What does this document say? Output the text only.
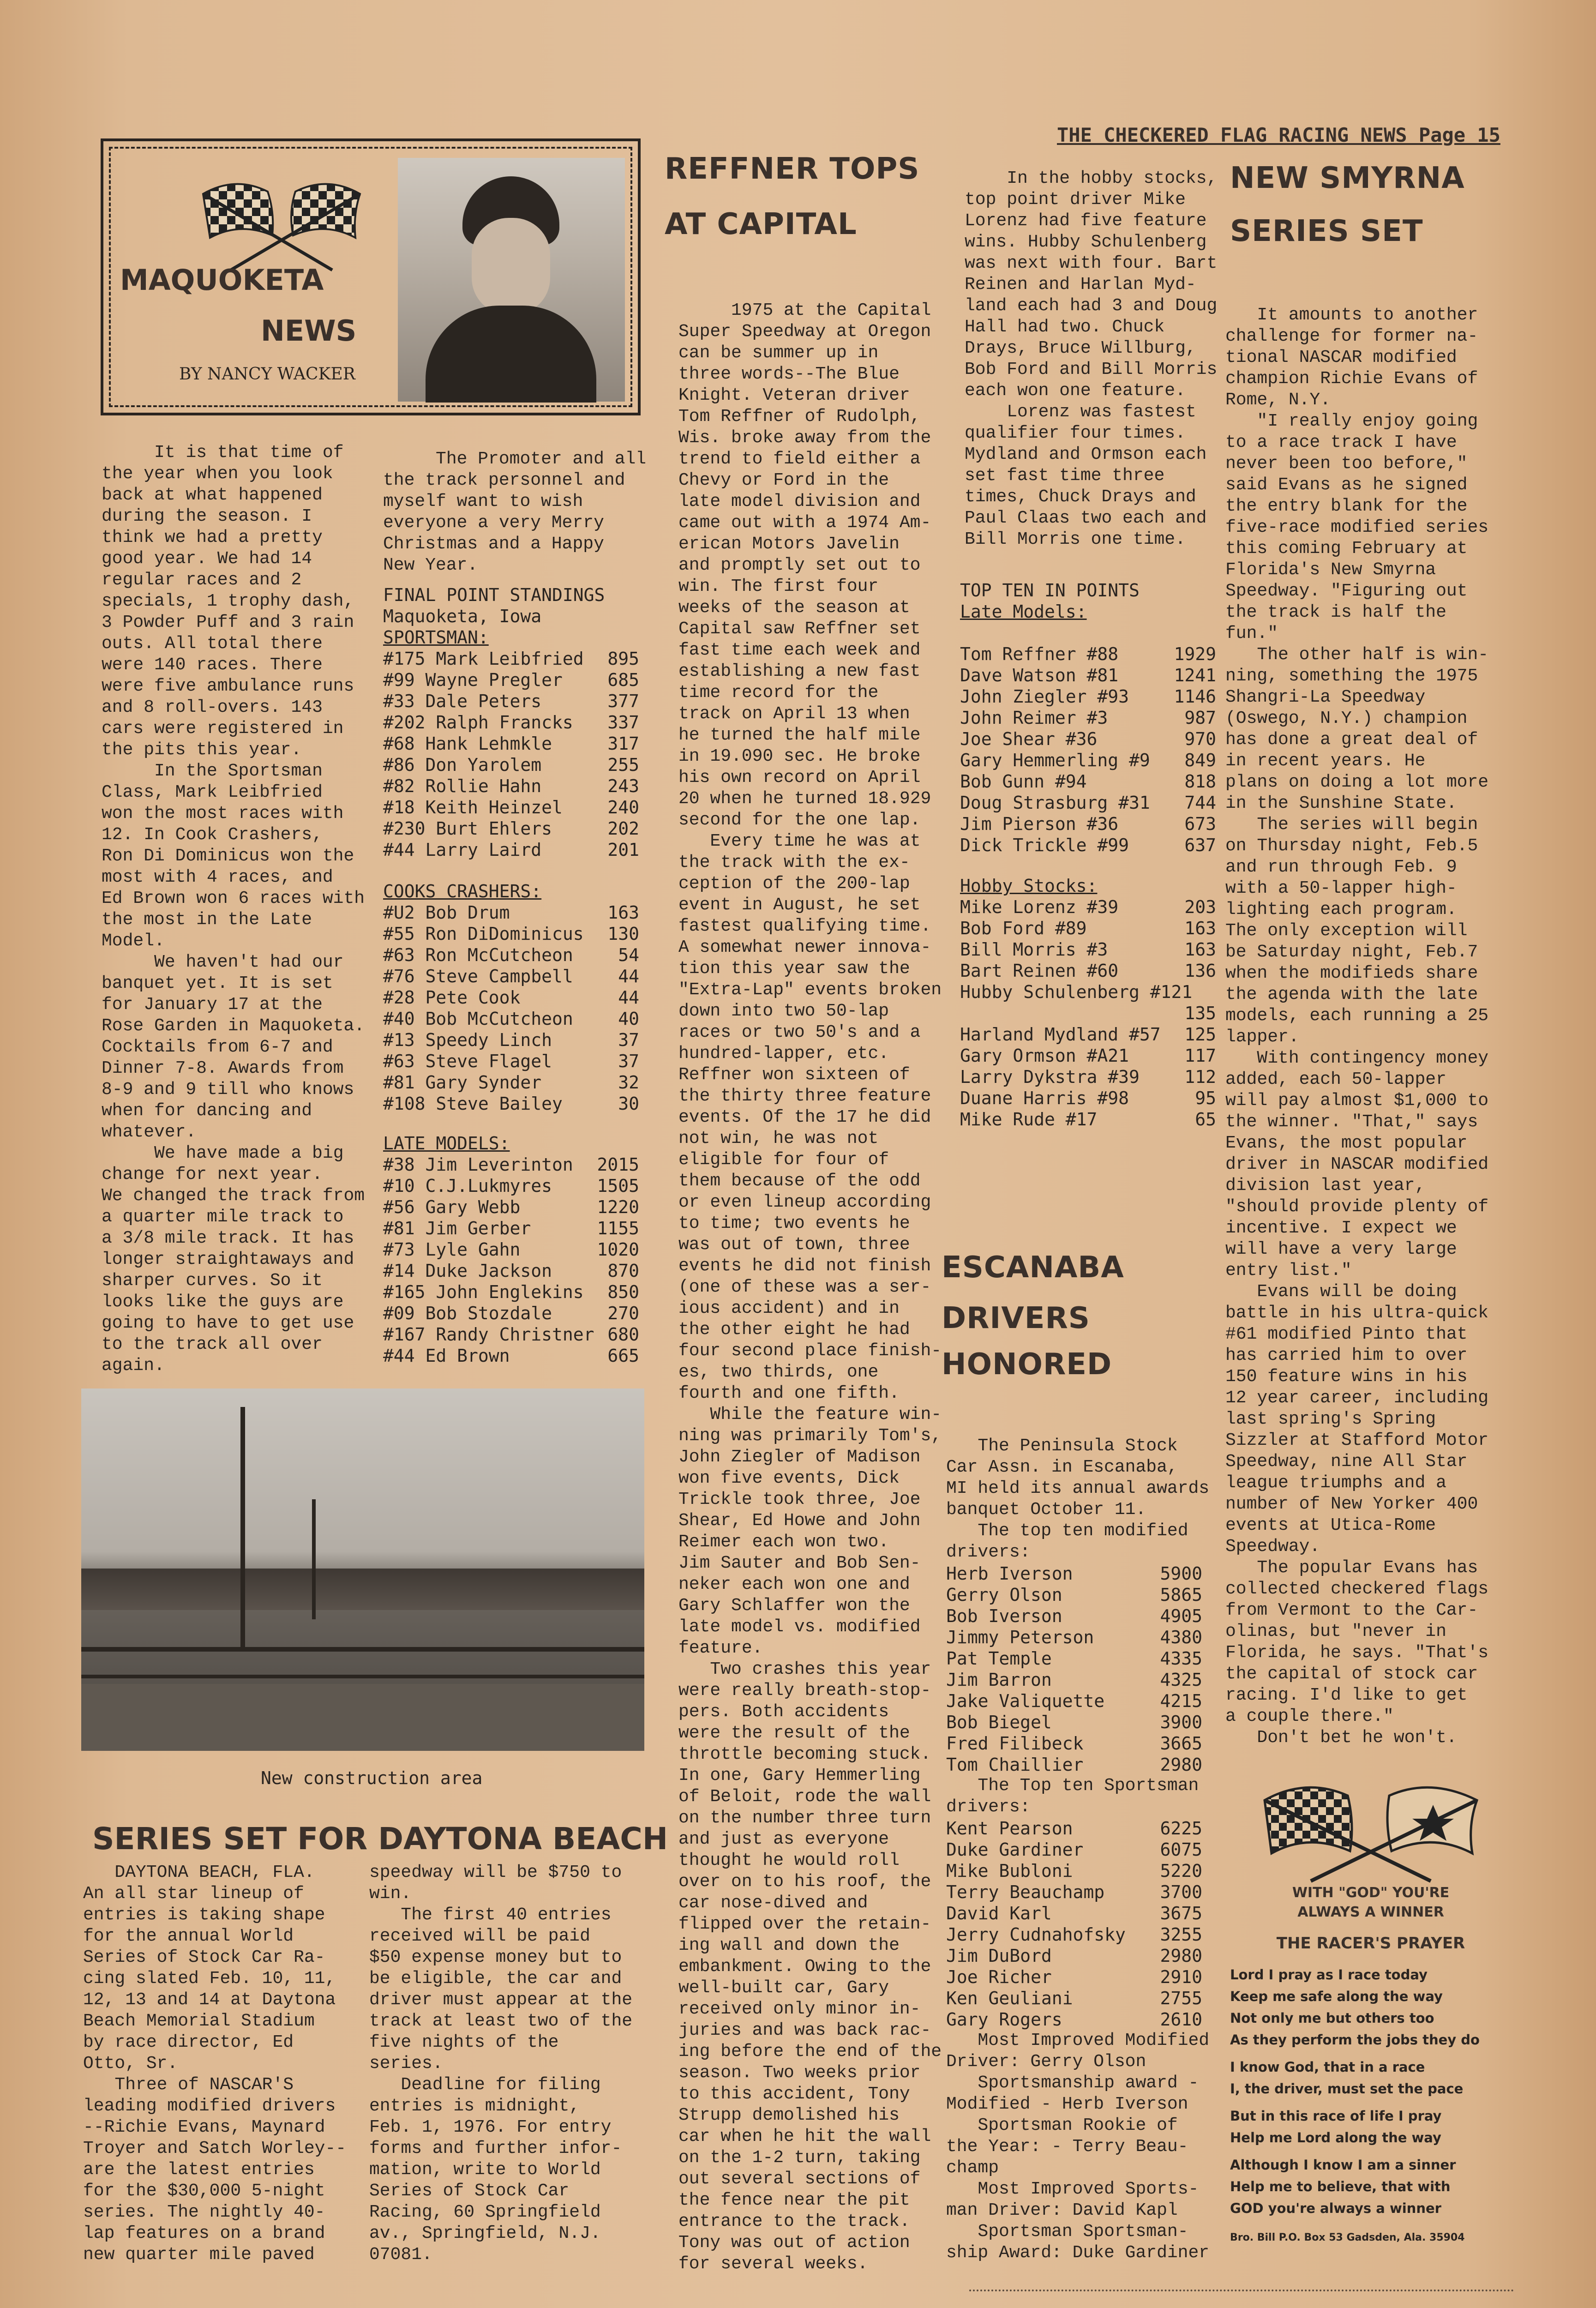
THE CHECKERED FLAG RACING NEWS Page 15
MAQUOKETA
NEWS
BY NANCY WACKER
It is that time of
the year when you look
back at what happened
during the season. I
think we had a pretty
good year. We had 14
regular races and 2
specials, 1 trophy dash,
3 Powder Puff and 3 rain
outs. All total there
were 140 races. There
were five ambulance runs
and 8 roll-overs. 143
cars were registered in
the pits this year.
In the Sportsman
Class, Mark Leibfried
won the most races with
12. In Cook Crashers,
Ron Di Dominicus won the
most with 4 races, and
Ed Brown won 6 races with
the most in the Late
Model.
We haven't had our
banquet yet. It is set
for January 17 at the
Rose Garden in Maquoketa.
Cocktails from 6-7 and
Dinner 7-8. Awards from
8-9 and 9 till who knows
when for dancing and
whatever.
We have made a big
change for next year.
We changed the track from
a quarter mile track to
a 3/8 mile track. It has
longer straightaways and
sharper curves. So it
looks like the guys are
going to have to get use
to the track all over
again.
The Promoter and all
the track personnel and
myself want to wish
everyone a very Merry
Christmas and a Happy
New Year.
FINAL POINT STANDINGS
Maquoketa, Iowa
SPORTSMAN:
#175 Mark Leibfried 895
#99 Wayne Pregler	685
#33 Dale Peters	377
#202 Ralph Francks 337
#68 Hank Lehmkle	317
#86 Don Yarolem	255
#82 Rollie Hahn	243
#18 Keith Heinzel	240
#230 Burt Ehlers	202
#44 Larry Laird	201
COOKS CRASHERS:
#U2 Bob Drum	163
#55 Ron DiDominicus 130
#63 Ron McCutcheon	54
#76 Steve Campbell	44
#28 Pete Cook	44
#40 Bob McCutcheon	40
#13 Speedy Linch	37
#63 Steve Flagel	37
#81 Gary Synder	32
#108 Steve Bailey	30
LATE MODELS:
#38 Jim Leverinton 2015
#10 C.J.Lukmyres	1505
#56 Gary Webb	1220
#81 Jim Gerber	1155
#73 Lyle Gahn	1020
#14 Duke Jackson	870
#165 John Englekins 850
#09 Bob Stozdale	270
#167 Randy Christner 680
#44 Ed Brown	665
New construction area
SERIES SET FOR DAYTONA BEACH
DAYTONA BEACH, FLA.
An all star lineup of
entries is taking shape
for the annual World
Series of Stock Car Ra-
cing slated Feb. 10, 11,
12, 13 and 14 at Daytona
Beach Memorial Stadium
by race director, Ed
Otto, Sr.
Three of NASCAR'S
leading modified drivers
--Richie Evans, Maynard
Troyer and Satch Worley--
are the latest entries
for the $30,000 5-night
series. The nightly 40-
lap features on a brand
new quarter mile paved
speedway will be $750 to
win.
The first 40 entries
received will be paid
$50 expense money but to
be eligible, the car and
driver must appear at the
track at least two of the
five nights of the
series.
Deadline for filing
entries is midnight,
Feb. 1, 1976. For entry
forms and further infor-
mation, write to World
Series of Stock Car
Racing, 60 Springfield
av., Springfield, N.J.
07081.
REFFNER TOPS
AT CAPITAL
1975 at the Capital
Super Speedway at Oregon
can be summer up in
three words--The Blue
Knight. Veteran driver
Tom Reffner of Rudolph,
Wis. broke away from the
trend to field either a
Chevy or Ford in the
late model division and
came out with a 1974 Am-
erican Motors Javelin
and promptly set out to
win. The first four
weeks of the season at
Capital saw Reffner set
fast time each week and
establishing a new fast
time record for the
track on April 13 when
he turned the half mile
in 19.090 sec. He broke
his own record on April
20 when he turned 18.929
second for the one lap.
Every time he was at
the track with the ex-
ception of the 200-lap
event in August, he set
fastest qualifying time.
A somewhat newer innova-
tion this year saw the
"Extra-Lap" events broken
down into two 50-lap
races or two 50's and a
hundred-lapper, etc.
Reffner won sixteen of
the thirty three feature
events. Of the 17 he did
not win, he was not
eligible for four of
them because of the odd
or even lineup according
to time; two events he
was out of town, three
events he did not finish
(one of these was a ser-
ious accident) and in
the other eight he had
four second place finish-
es, two thirds, one
fourth and one fifth.
While the feature win-
ning was primarily Tom's,
John Ziegler of Madison
won five events, Dick
Trickle took three, Joe
Shear, Ed Howe and John
Reimer each won two.
Jim Sauter and Bob Sen-
neker each won one and
Gary Schlaffer won the
late model vs. modified
feature.
Two crashes this year
were really breath-stop-
pers. Both accidents
were the result of the
throttle becoming stuck.
In one, Gary Hemmerling
of Beloit, rode the wall
on the number three turn
and just as everyone
thought he would roll
over on to his roof, the
car nose-dived and
flipped over the retain-
ing wall and down the
embankment. Owing to the
well-built car, Gary
received only minor in-
juries and was back rac-
ing before the end of the
season. Two weeks prior
to this accident, Tony
Strupp demolished his
car when he hit the wall
on the 1-2 turn, taking
out several sections of
the fence near the pit
entrance to the track.
Tony was out of action
for several weeks.
In the hobby stocks,
top point driver Mike
Lorenz had five feature
wins. Hubby Schulenberg
was next with four. Bart
Reinen and Harlan Myd-
land each had 3 and Doug
Hall had two. Chuck
Drays, Bruce Willburg,
Bob Ford and Bill Morris
each won one feature.
Lorenz was fastest
qualifier four times.
Mydland and Ormson each
set fast time three
times, Chuck Drays and
Paul Claas two each and
Bill Morris one time.
TOP TEN IN POINTS
Late Models:
Tom Reffner #88	1929
Dave Watson #81	1241
John Ziegler #93	1146
John Reimer #3	987
Joe Shear #36	970
Gary Hemmerling #9 849
Bob Gunn #94	818
Doug Strasburg #31 744
Jim Pierson #36	673
Dick Trickle #99	637
Hobby Stocks:
Mike Lorenz #39	203
Bob Ford #89	163
Bill Morris #3	163
Bart Reinen #60	136
Hubby Schulenberg #121
135
Harland Mydland #57 125
Gary Ormson #A21	117
Larry Dykstra #39	112
Duane Harris #98	95
Mike Rude #17	65
ESCANABA
DRIVERS
HONORED
The Peninsula Stock
Car Assn. in Escanaba,
MI held its annual awards
banquet October 11.
The top ten modified
drivers:
Herb Iverson	5900
Gerry Olson	5865
Bob Iverson	4905
Jimmy Peterson	4380
Pat Temple	4335
Jim Barron	4325
Jake Valiquette	4215
Bob Biegel	3900
Fred Filibeck	3665
Tom Chaillier	2980
The Top ten Sportsman
drivers:
Kent Pearson	6225
Duke Gardiner	6075
Mike Bubloni	5220
Terry Beauchamp	3700
David Karl	3675
Jerry Cudnahofsky 3255
Jim DuBord	2980
Joe Richer	2910
Ken Geuliani	2755
Gary Rogers	2610
Most Improved Modified
Driver: Gerry Olson
Sportsmanship award -
Modified - Herb Iverson
Sportsman Rookie of
the Year: - Terry Beau-
champ
Most Improved Sports-
man Driver: David Kapl
Sportsman Sportsman-
ship Award: Duke Gardiner
NEW SMYRNA
SERIES SET
It amounts to another
challenge for former na-
tional NASCAR modified
champion Richie Evans of
Rome, N.Y.
"I really enjoy going
to a race track I have
never been too before,"
said Evans as he signed
the entry blank for the
five-race modified series
this coming February at
Florida's New Smyrna
Speedway. "Figuring out
the track is half the
fun."
The other half is win-
ning, something the 1975
Shangri-La Speedway
(Oswego, N.Y.) champion
has done a great deal of
in recent years. He
plans on doing a lot more
in the Sunshine State.
The series will begin
on Thursday night, Feb.5
and run through Feb. 9
with a 50-lapper high-
lighting each program.
The only exception will
be Saturday night, Feb.7
when the modifieds share
the agenda with the late
models, each running a 25
lapper.
With contingency money
added, each 50-lapper
will pay almost $1,000 to
the winner. "That," says
Evans, the most popular
driver in NASCAR modified
division last year,
"should provide plenty of
incentive. I expect we
will have a very large
entry list."
Evans will be doing
battle in his ultra-quick
#61 modified Pinto that
has carried him to over
150 feature wins in his
12 year career, including
last spring's Spring
Sizzler at Stafford Motor
Speedway, nine All Star
league triumphs and a
number of New Yorker 400
events at Utica-Rome
Speedway.
The popular Evans has
collected checkered flags
from Vermont to the Car-
olinas, but "never in
Florida, he says. "That's
the capital of stock car
racing. I'd like to get
a couple there."
Don't bet he won't.
WITH "GOD" YOU'RE
ALWAYS A WINNER
THE RACER'S PRAYER
Lord I pray as I race today
Keep me safe along the way
Not only me but others too
As they perform the jobs they do
I know God, that in a race
I, the driver, must set the pace
But in this race of life I pray
Help me Lord along the way
Although I know I am a sinner
Help me to believe, that with
GOD you're always a winner
Bro. Bill P.O. Box 53 Gadsden, Ala. 35904
